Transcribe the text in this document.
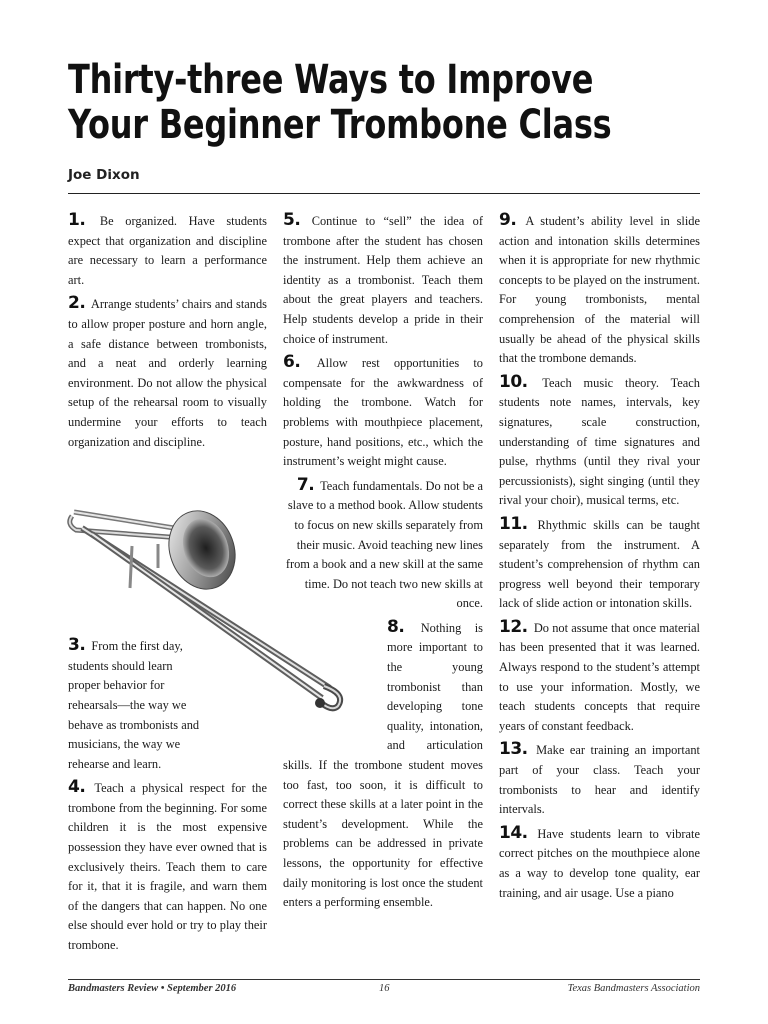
Thirty-three Ways to Improve
Your Beginner Trombone Class

Joe Dixon

1. Be organized. Have students expect that organization and discipline are necessary to learn a performance art.

2. Arrange students’ chairs and stands to allow proper posture and horn angle, a safe distance between trombonists, and a neat and orderly learning environment. Do not allow the physical setup of the rehearsal room to visually undermine your efforts to teach organization and discipline.

3. From the first day, students should learn proper behavior for rehearsals—the way we behave as trombonists and musicians, the way we rehearse and learn.

4. Teach a physical respect for the trombone from the beginning. For some children it is the most expensive possession they have ever owned that is exclusively theirs. Teach them to care for it, that it is fragile, and warn them of the dangers that can happen. No one else should ever hold or try to play their trombone.

5. Continue to “sell” the idea of trombone after the student has chosen the instrument. Help them achieve an identity as a trombonist. Teach them about the great players and teachers. Help students develop a pride in their choice of instrument.

6. Allow rest opportunities to compensate for the awkwardness of holding the trombone. Watch for problems with mouthpiece placement, posture, hand positions, etc., which the instrument’s weight might cause.

7. Teach fundamentals. Do not be a slave to a method book. Allow students to focus on new skills separately from their music. Avoid teaching new lines from a book and a new skill at the same time. Do not teach two new skills at once.

8. Nothing is more important to the young trombonist than developing tone quality, intonation, and articulation skills. If the trombone student moves too fast, too soon, it is difficult to correct these skills at a later point in the student’s development. While the problems can be addressed in private lessons, the opportunity for effective daily monitoring is lost once the student enters a performing ensemble.

9. A student’s ability level in slide action and intonation skills determines when it is appropriate for new rhythmic concepts to be played on the instrument. For young trombonists, mental comprehension of the material will usually be ahead of the physical skills that the trombone demands.

10. Teach music theory. Teach students note names, intervals, key signatures, scale construction, understanding of time signatures and pulse, rhythms (until they rival your percussionists), sight singing (until they rival your choir), musical terms, etc.

11. Rhythmic skills can be taught separately from the instrument. A student’s comprehension of rhythm can progress well beyond their temporary lack of slide action or intonation skills.

12. Do not assume that once material has been presented that it was learned. Always respond to the student’s attempt to use your information. Mostly, we teach students concepts that require years of constant feedback.

13. Make ear training an important part of your class. Teach your trombonists to hear and identify intervals.

14. Have students learn to vibrate correct pitches on the mouthpiece alone as a way to develop tone quality, ear training, and air usage. Use a piano

Bandmasters Review • September 2016	16	Texas Bandmasters Association
